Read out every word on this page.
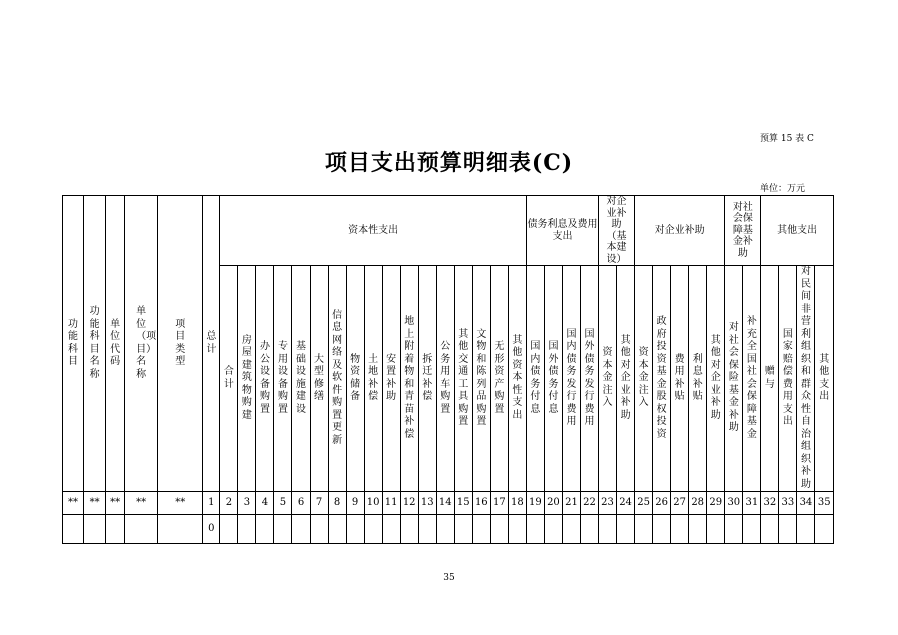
预算 15 表 C
项目支出预算明细表(C)
单位：万元
功能科目	功能科目名称	单位代码	单位（项目）名称	项目类型	总计	资本性支出																	债务利息及费用支出				对企业补助（基本建设）		对企业补助					对社会保障基金补助		其他支出			
						合计	房屋建筑物购建	办公设备购置	专用设备购置	基础设施建设	大型修缮	信息网络及软件购置更新	物资储备	土地补偿	安置补助	地上附着物和青苗补偿	拆迁补偿	公务用车购置	其他交通工具购置	文物和陈列品购置	无形资产购置	其他资本性支出	国内债务付息	国外债务付息	国内债务发行费用	国外债务发行费用	资本金注入	其他对企业补助	资本金注入	政府投资基金股权投资	费用补贴	利息补贴	其他对企业补助	对社会保险基金补助	补充全国社会保障基金	赠与	国家赔偿费用支出	对民间非营利组织和群众性自治组织补助	其他支出
**	**	**	**	**	1	2	3	4	5	6	7	8	9	10	11	12	13	14	15	16	17	18	19	20	21	22	23	24	25	26	27	28	29	30	31	32	33	34	35
					0																																		
35
